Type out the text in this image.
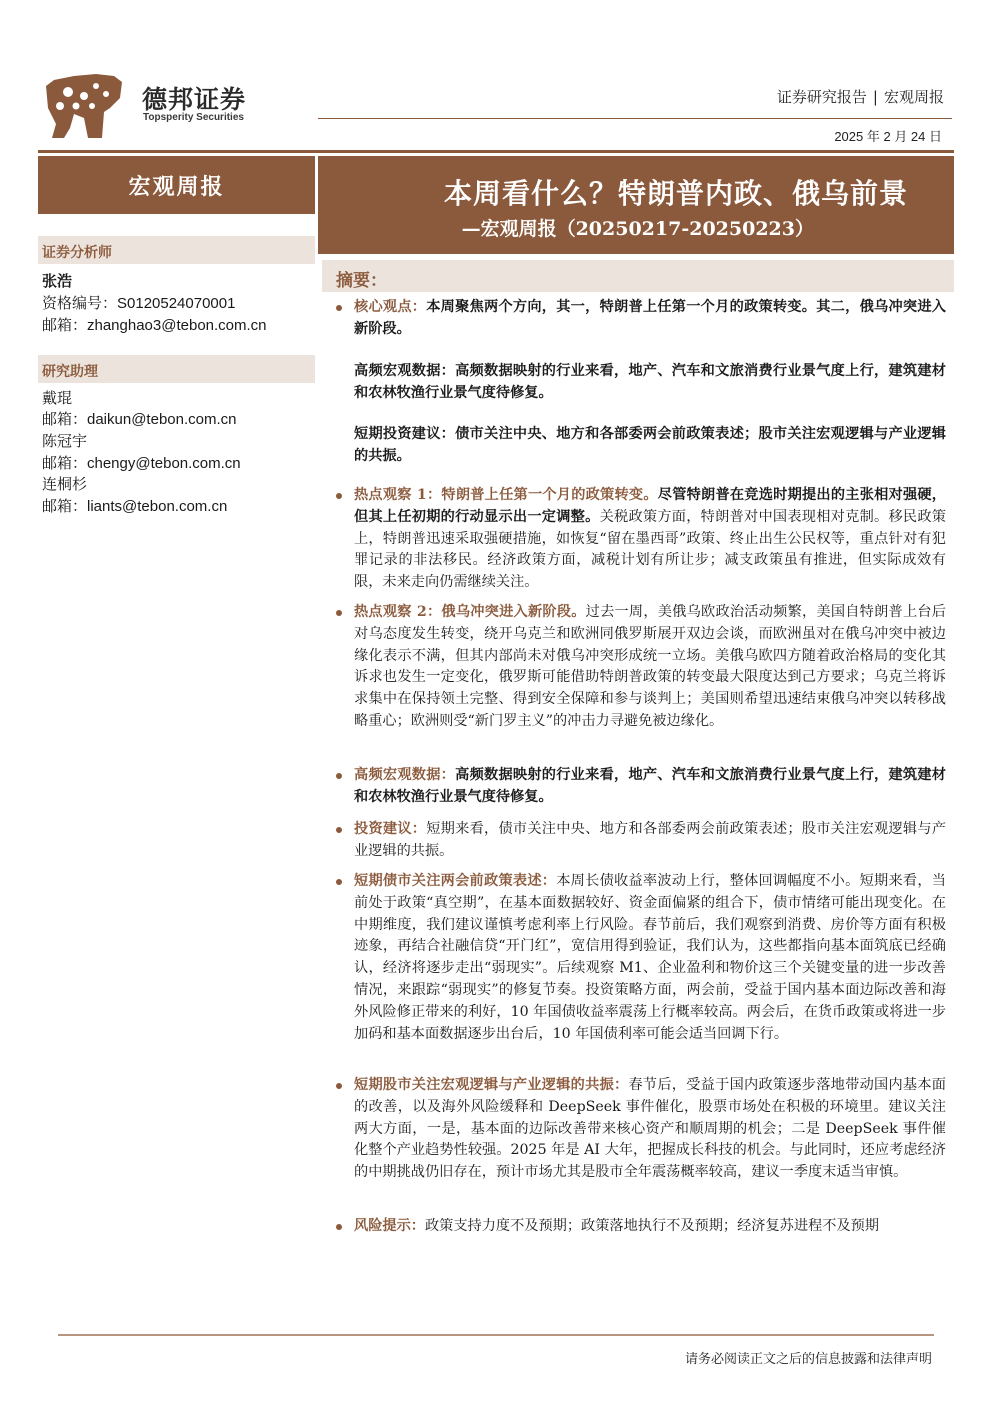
德邦证券
Topsperity Securities
证券研究报告 | 宏观周报
2025 年 2 月 24 日
宏观周报
证券分析师
张浩
资格编号：S0120524070001
邮箱：zhanghao3@tebon.com.cn
研究助理
戴琨
邮箱：daikun@tebon.com.cn
陈冠宇
邮箱：chengy@tebon.com.cn
连桐杉
邮箱：liants@tebon.com.cn
本周看什么？特朗普内政、俄乌前景
—宏观周报（20250217-20250223）
摘要：
核心观点：本周聚焦两个方向，其一，特朗普上任第一个月的政策转变。其二，俄乌冲突进入新阶段。
高频宏观数据：高频数据映射的行业来看，地产、汽车和文旅消费行业景气度上行，建筑建材和农林牧渔行业景气度待修复。
短期投资建议：债市关注中央、地方和各部委两会前政策表述；股市关注宏观逻辑与产业逻辑的共振。
热点观察 1：特朗普上任第一个月的政策转变。尽管特朗普在竞选时期提出的主张相对强硬，但其上任初期的行动显示出一定调整。关税政策方面，特朗普对中国表现相对克制。移民政策上，特朗普迅速采取强硬措施，如恢复“留在墨西哥”政策、终止出生公民权等，重点针对有犯罪记录的非法移民。经济政策方面，减税计划有所让步；减支政策虽有推进，但实际成效有限，未来走向仍需继续关注。
热点观察 2：俄乌冲突进入新阶段。过去一周，美俄乌欧政治活动频繁，美国自特朗普上台后对乌态度发生转变，绕开乌克兰和欧洲同俄罗斯展开双边会谈，而欧洲虽对在俄乌冲突中被边缘化表示不满，但其内部尚未对俄乌冲突形成统一立场。美俄乌欧四方随着政治格局的变化其诉求也发生一定变化，俄罗斯可能借助特朗普政策的转变最大限度达到己方要求；乌克兰将诉求集中在保持领土完整、得到安全保障和参与谈判上；美国则希望迅速结束俄乌冲突以转移战略重心；欧洲则受“新门罗主义”的冲击力寻避免被边缘化。
高频宏观数据：高频数据映射的行业来看，地产、汽车和文旅消费行业景气度上行，建筑建材和农林牧渔行业景气度待修复。
投资建议：短期来看，债市关注中央、地方和各部委两会前政策表述；股市关注宏观逻辑与产业逻辑的共振。
短期债市关注两会前政策表述：本周长债收益率波动上行，整体回调幅度不小。短期来看，当前处于政策“真空期”，在基本面数据较好、资金面偏紧的组合下，债市情绪可能出现变化。在中期维度，我们建议谨慎考虑利率上行风险。春节前后，我们观察到消费、房价等方面有积极迹象，再结合社融信贷“开门红”，宽信用得到验证，我们认为，这些都指向基本面筑底已经确认，经济将逐步走出“弱现实”。后续观察 M1、企业盈利和物价这三个关键变量的进一步改善情况，来跟踪“弱现实”的修复节奏。投资策略方面，两会前，受益于国内基本面边际改善和海外风险修正带来的利好，10 年国债收益率震荡上行概率较高。两会后，在货币政策或将进一步加码和基本面数据逐步出台后，10 年国债利率可能会适当回调下行。
短期股市关注宏观逻辑与产业逻辑的共振：春节后，受益于国内政策逐步落地带动国内基本面的改善，以及海外风险缓释和 DeepSeek 事件催化，股票市场处在积极的环境里。建议关注两大方面，一是，基本面的边际改善带来核心资产和顺周期的机会；二是 DeepSeek 事件催化整个产业趋势性较强。2025 年是 AI 大年，把握成长科技的机会。与此同时，还应考虑经济的中期挑战仍旧存在，预计市场尤其是股市全年震荡概率较高，建议一季度末适当审慎。
风险提示：政策支持力度不及预期；政策落地执行不及预期；经济复苏进程不及预期
请务必阅读正文之后的信息披露和法律声明
